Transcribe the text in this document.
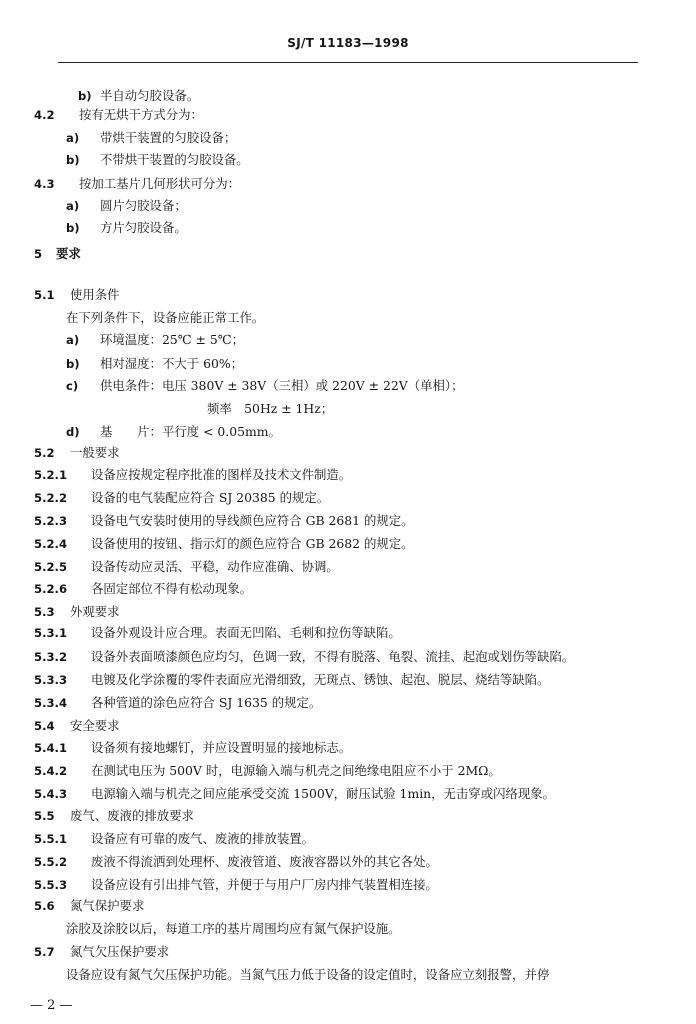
SJ/T 11183—1998
b) 半自动匀胶设备。
4.2 按有无烘干方式分为：
a) 带烘干装置的匀胶设备；
b) 不带烘干装置的匀胶设备。
4.3 按加工基片几何形状可分为：
a) 圆片匀胶设备；
b) 方片匀胶设备。
5 要求
5.1 使用条件
在下列条件下，设备应能正常工作。
a) 环境温度：25℃ ± 5℃；
b) 相对湿度：不大于 60%；
c) 供电条件：电压 380V ± 38V（三相）或 220V ± 22V（单相）；
频率　50Hz ± 1Hz；
d) 基　　片：平行度 < 0.05mm。
5.2 一般要求
5.2.1 设备应按规定程序批准的图样及技术文件制造。
5.2.2 设备的电气装配应符合 SJ 20385 的规定。
5.2.3 设备电气安装时使用的导线颜色应符合 GB 2681 的规定。
5.2.4 设备使用的按钮、指示灯的颜色应符合 GB 2682 的规定。
5.2.5 设备传动应灵活、平稳，动作应准确、协调。
5.2.6 各固定部位不得有松动现象。
5.3 外观要求
5.3.1 设备外观设计应合理。表面无凹陷、毛刺和拉伤等缺陷。
5.3.2 设备外表面喷漆颜色应均匀，色调一致，不得有脱落、龟裂、流挂、起泡或划伤等缺陷。
5.3.3 电镀及化学涂覆的零件表面应光滑细致，无斑点、锈蚀、起泡、脱层、烧结等缺陷。
5.3.4 各种管道的涂色应符合 SJ 1635 的规定。
5.4 安全要求
5.4.1 设备须有接地螺钉，并应设置明显的接地标志。
5.4.2 在测试电压为 500V 时，电源输入端与机壳之间绝缘电阻应不小于 2MΩ。
5.4.3 电源输入端与机壳之间应能承受交流 1500V，耐压试验 1min，无击穿或闪络现象。
5.5 废气、废液的排放要求
5.5.1 设备应有可靠的废气、废液的排放装置。
5.5.2 废液不得流洒到处理杯、废液管道、废液容器以外的其它各处。
5.5.3 设备应设有引出排气管，并便于与用户厂房内排气装置相连接。
5.6 氮气保护要求
涂胶及涂胶以后，每道工序的基片周围均应有氮气保护设施。
5.7 氮气欠压保护要求
设备应设有氮气欠压保护功能。当氮气压力低于设备的设定值时，设备应立刻报警，并停
— 2 —
